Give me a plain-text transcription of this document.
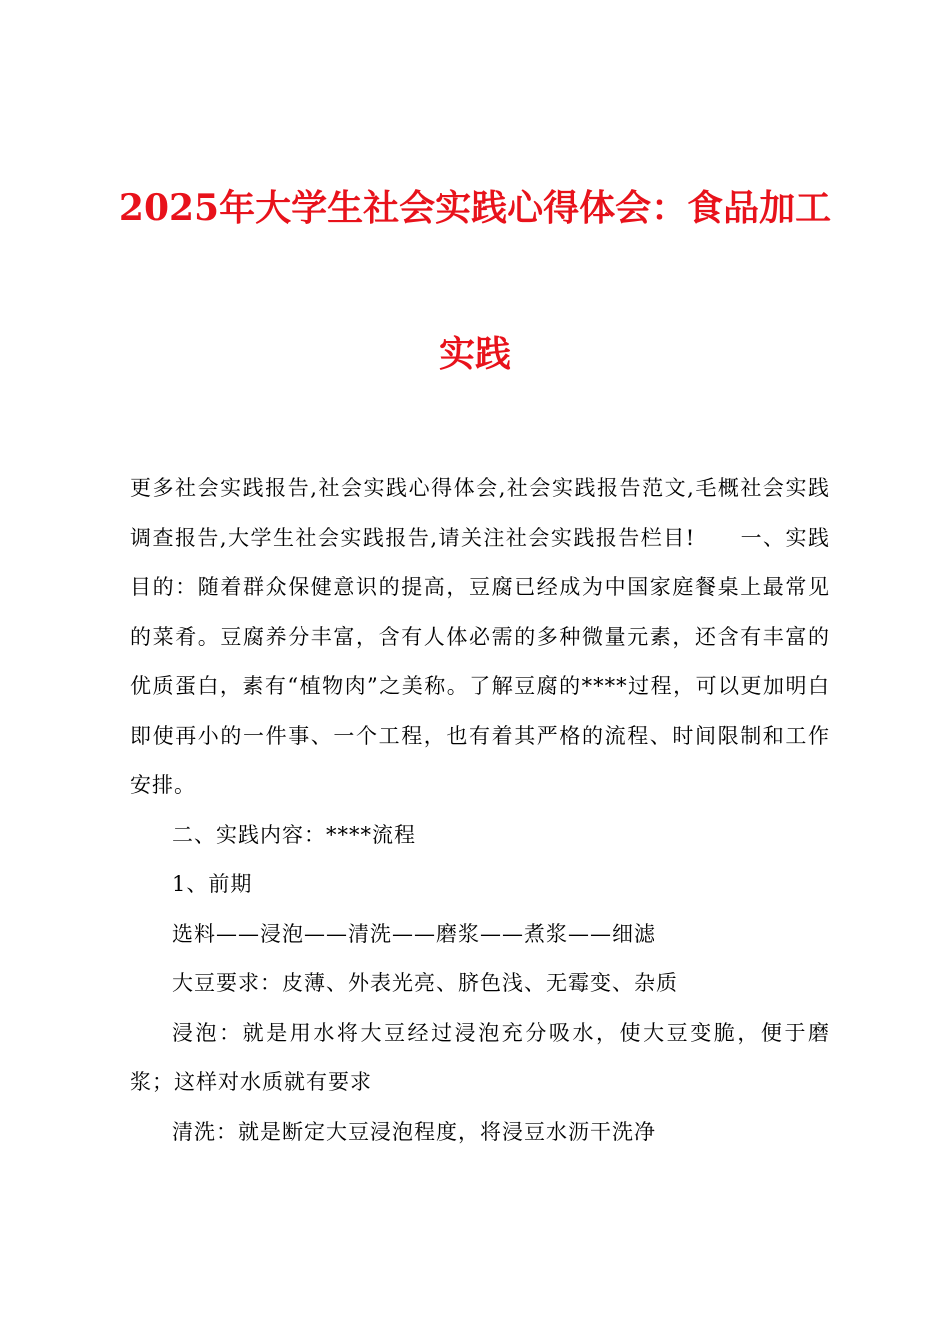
2025年大学生社会实践心得体会：食品加工
实践

更多社会实践报告,社会实践心得体会,社会实践报告范文,毛概社会实践调查报告,大学生社会实践报告,请关注社会实践报告栏目!　　一、实践目的：随着群众保健意识的提高，豆腐已经成为中国家庭餐桌上最常见的菜肴。豆腐养分丰富，含有人体必需的多种微量元素，还含有丰富的优质蛋白，素有“植物肉”之美称。了解豆腐的****过程，可以更加明白即使再小的一件事、一个工程，也有着其严格的流程、时间限制和工作安排。

二、实践内容：****流程

1、前期

选料——浸泡——清洗——磨浆——煮浆——细滤

大豆要求：皮薄、外表光亮、脐色浅、无霉变、杂质

浸泡：就是用水将大豆经过浸泡充分吸水，使大豆变脆，便于磨浆；这样对水质就有要求

清洗：就是断定大豆浸泡程度，将浸豆水沥干洗净
